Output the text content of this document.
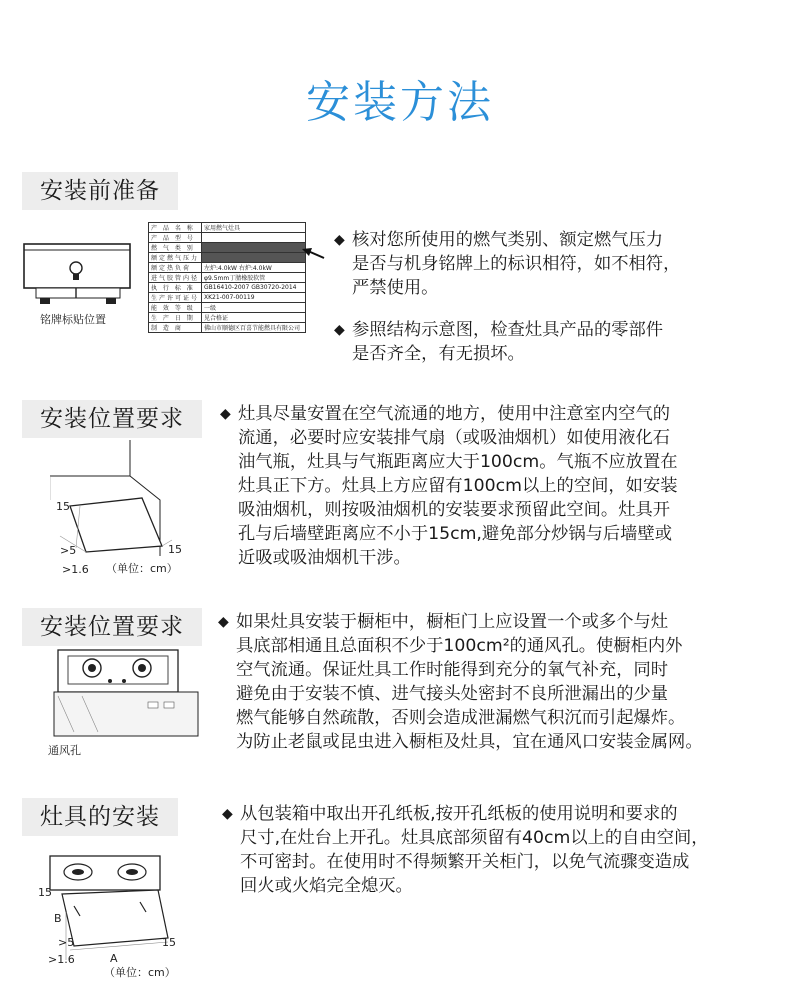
安装方法
安装前准备
铭牌标贴位置
产 品 名 称	家用燃气灶具
产 品 型 号	
燃 气 类 别	
额定燃气压力	
额定热负荷	左炉:4.0kW 右炉:4.0kW
进气胶管内径	φ9.5mm丁腈橡胶软管
执 行 标 准	GB16410-2007 GB30720-2014
生产许可证号	XK21-007-00119
能 效 等 级	一级
生 产 日 期	见合格证
制 造 商	佛山市顺德区百喜节能燃具有限公司
◆ 核对您所使用的燃气类别、额定燃气压力

是否与机身铭牌上的标识相符，如不相符，

严禁使用。

◆ 参照结构示意图，检查灶具产品的零部件

是否齐全，有无损坏。

安装位置要求
15
>5
>1.6
15
（单位：cm）
◆ 灶具尽量安置在空气流通的地方，使用中注意室内空气的

流通，必要时应安装排气扇（或吸油烟机）如使用液化石

油气瓶，灶具与气瓶距离应大于100cm。气瓶不应放置在

灶具正下方。灶具上方应留有100cm以上的空间，如安装

吸油烟机，则按吸油烟机的安装要求预留此空间。灶具开

孔与后墙壁距离应不小于15cm,避免部分炒锅与后墙壁或

近吸或吸油烟机干涉。

安装位置要求
通风孔
◆ 如果灶具安装于橱柜中，橱柜门上应设置一个或多个与灶

具底部相通且总面积不少于100cm²的通风孔。使橱柜内外

空气流通。保证灶具工作时能得到充分的氧气补充，同时

避免由于安装不慎、进气接头处密封不良所泄漏出的少量

燃气能够自然疏散，否则会造成泄漏燃气积沉而引起爆炸。

为防止老鼠或昆虫进入橱柜及灶具，宜在通风口安装金属网。

灶具的安装
15
B
>5
>1.6	A
15
（单位：cm）
◆ 从包装箱中取出开孔纸板,按开孔纸板的使用说明和要求的

尺寸,在灶台上开孔。灶具底部须留有40cm以上的自由空间，

不可密封。在使用时不得频繁开关柜门，以免气流骤变造成

回火或火焰完全熄灭。
